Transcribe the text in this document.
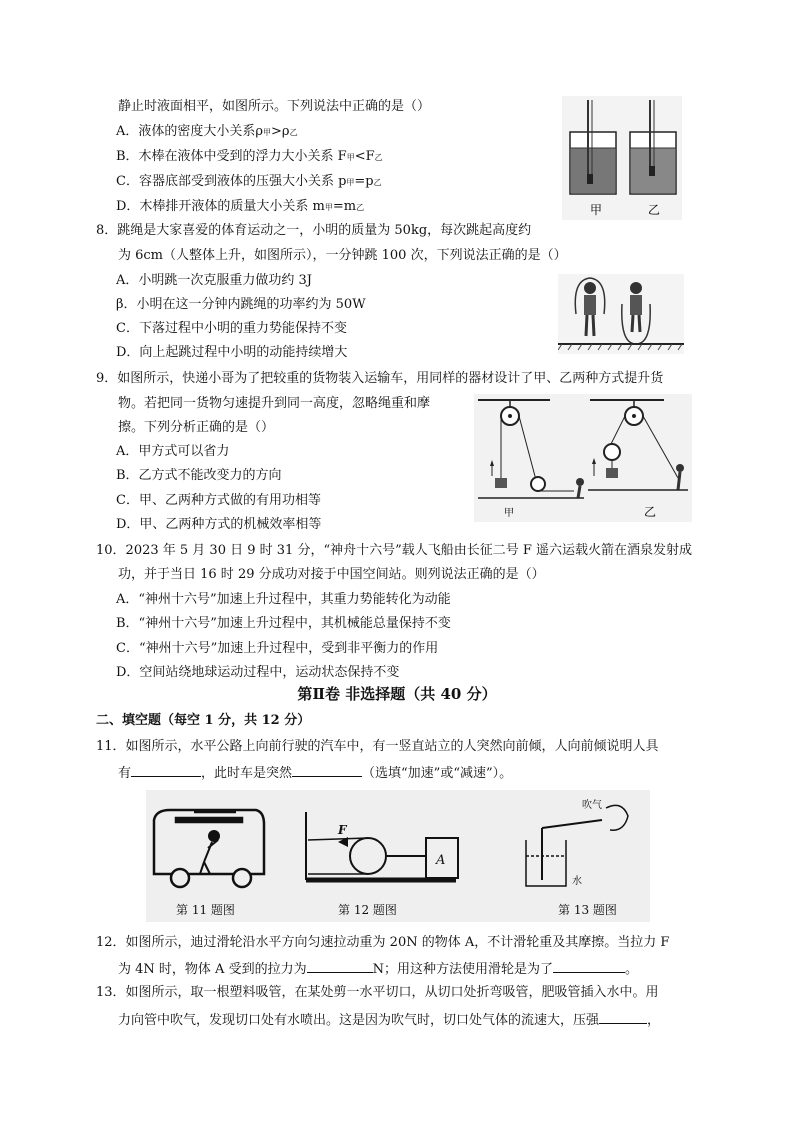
静止时液面相平，如图所示。下列说法中正确的是（）
A．液体的密度大小关系ρ甲>ρ乙
B．木棒在液体中受到的浮力大小关系 F甲<F乙
C．容器底部受到液体的压强大小关系 p甲=p乙
D．木棒排开液体的质量大小关系 m甲=m乙	甲	乙
8．跳绳是大家喜爱的体育运动之一，小明的质量为 50kg，每次跳起高度约
为 6cm（人整体上升，如图所示），一分钟跳 100 次，下列说法正确的是（）
A．小明跳一次克服重力做功约 3J
β．小明在这一分钟内跳绳的功率约为 50W
C．下落过程中小明的重力势能保持不变
D．向上起跳过程中小明的动能持续增大
9．如图所示，快递小哥为了把较重的货物装入运输车，用同样的器材设计了甲、乙两种方式提升货
物。若把同一货物匀速提升到同一高度，忽略绳重和摩
擦。下列分析正确的是（）
A．甲方式可以省力
B．乙方式不能改变力的方向
C．甲、乙两种方式做的有用功相等
D．甲、乙两种方式的机械效率相等
甲	乙
10．2023 年 5 月 30 日 9 时 31 分，“神舟十六号”载人飞船由长征二号 F 遥六运载火箭在酒泉发射成
功，并于当日 16 时 29 分成功对接于中国空间站。则列说法正确的是（）
A．“神州十六号”加速上升过程中，其重力势能转化为动能
B．“神州十六号”加速上升过程中，其机械能总量保持不变
C．“神州十六号”加速上升过程中，受到非平衡力的作用
D．空间站绕地球运动过程中，运动状态保持不变
第Ⅱ卷 非选择题（共 40 分）
二、填空题（每空 1 分，共 12 分）
11．如图所示，水平公路上向前行驶的汽车中，有一竖直站立的人突然向前倾，人向前倾说明人具
有	，此时车是突然	（选填“加速”或“减速”）。
第 11 题图
F
A
第 12 题图
吹气
水
第 13 题图
12．如图所示，迪过滑轮沿水平方向匀速拉动重为 20N 的物体 A，不计滑轮重及其摩擦。当拉力 F
为 4N 时，物体 A 受到的拉力为	N；用这种方法使用滑轮是为了	。
13．如图所示，取一根塑料吸管，在某处剪一水平切口，从切口处折弯吸管，肥吸管插入水中。用
力向管中吹气，发现切口处有水喷出。这是因为吹气时，切口处气体的流速大，压强	，
